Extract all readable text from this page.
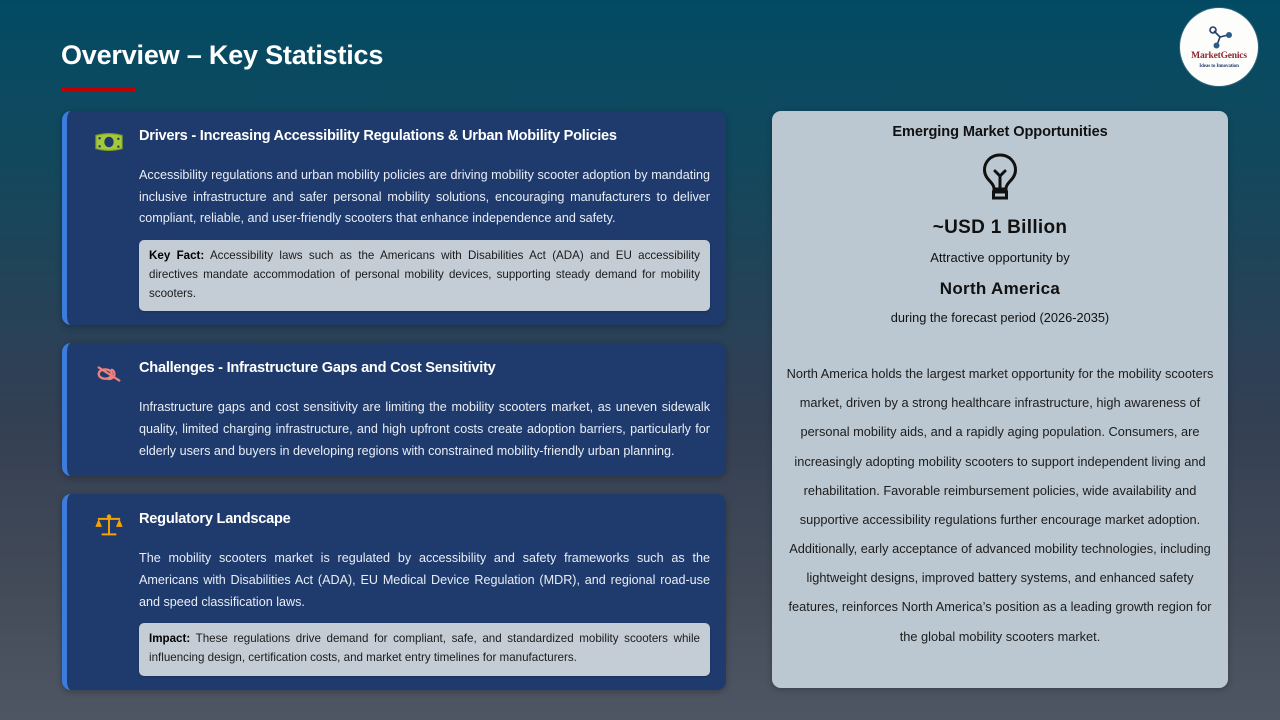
Overview – Key Statistics	MarketGenics
Ideas to Innovation
Drivers - Increasing Accessibility Regulations & Urban Mobility Policies
Accessibility regulations and urban mobility policies are driving mobility scooter adoption by mandating inclusive infrastructure and safer personal mobility solutions, encouraging manufacturers to deliver compliant, reliable, and user-friendly scooters that enhance independence and safety.
Key Fact: Accessibility laws such as the Americans with Disabilities Act (ADA) and EU accessibility directives mandate accommodation of personal mobility devices, supporting steady demand for mobility scooters.
Challenges - Infrastructure Gaps and Cost Sensitivity
Infrastructure gaps and cost sensitivity are limiting the mobility scooters market, as uneven sidewalk quality, limited charging infrastructure, and high upfront costs create adoption barriers, particularly for elderly users and buyers in developing regions with constrained mobility-friendly urban planning.
Regulatory Landscape
The mobility scooters market is regulated by accessibility and safety frameworks such as the Americans with Disabilities Act (ADA), EU Medical Device Regulation (MDR), and regional road-use and speed classification laws.
Impact: These regulations drive demand for compliant, safe, and standardized mobility scooters while influencing design, certification costs, and market entry timelines for manufacturers.
Emerging Market Opportunities
~USD 1 Billion
Attractive opportunity by
North America
during the forecast period (2026-2035)
North America holds the largest market opportunity for the mobility scooters market, driven by a strong healthcare infrastructure, high awareness of personal mobility aids, and a rapidly aging population. Consumers, are increasingly adopting mobility scooters to support independent living and rehabilitation. Favorable reimbursement policies, wide availability and supportive accessibility regulations further encourage market adoption. Additionally, early acceptance of advanced mobility technologies, including lightweight designs, improved battery systems, and enhanced safety features, reinforces North America’s position as a leading growth region for the global mobility scooters market.
